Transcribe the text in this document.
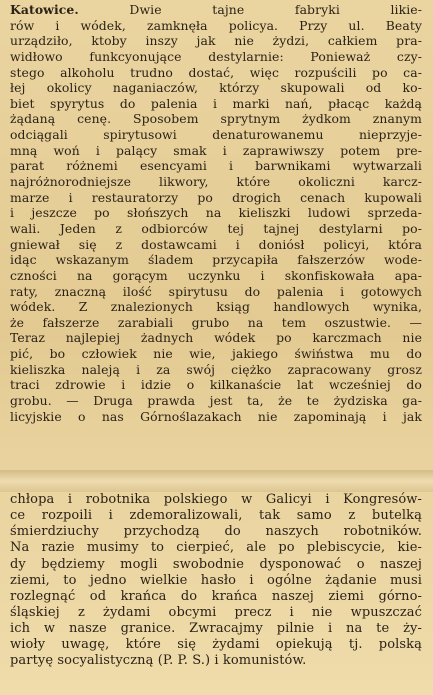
Katowice.	Dwie tajne fabryki likie-
rów i wódek, zamknęła policya. Przy ul. Beaty
urządziło, ktoby inszy jak nie żydzi, całkiem pra-
widłowo funkcyonujące destylarnie: Ponieważ czy-
stego alkoholu trudno dostać, więc rozpuścili po ca-
łej okolicy naganiaczów, którzy skupowali od ko-
biet spyrytus do palenia i marki nań, płacąc każdą
żądaną cenę. Sposobem sprytnym żydkom znanym
odciągali spirytusowi denaturowanemu nieprzyje-
mną woń i palący smak i zaprawiwszy potem pre-
parat różnemi esencyami i barwnikami wytwarzali
najróżnorodniejsze likwory, które okoliczni karcz-
marze i restauratorzy po drogich cenach kupowali
i jeszcze po słońszych na kieliszki ludowi sprzeda-
wali. Jeden z odbiorców tej tajnej destylarni po-
gniewał się z dostawcami i doniósł policyi, która
idąc wskazanym śladem przycapiła fałszerzów wode-
czności na gorącym uczynku i skonfiskowała apa-
raty, znaczną ilość spirytusu do palenia i gotowych
wódek. Z znalezionych ksiąg handlowych wynika,
że fałszerze zarabiali grubo na tem oszustwie. —
Teraz najlepiej żadnych wódek po karczmach nie
pić, bo człowiek nie wie, jakiego świństwa mu do
kieliszka naleją i za swój ciężko zapracowany grosz
traci zdrowie i idzie o kilkanaście lat wcześniej do
grobu. — Druga prawda jest ta, że te żydziska ga-
licyjskie o nas Górnoślazakach nie zapominają i jak
chłopa i robotnika polskiego w Galicyi i Kongresów-
ce rozpoili i zdemoralizowali, tak samo z butelką
śmierdziuchy przychodzą do naszych robotników.
Na razie musimy to cierpieć, ale po plebiscycie, kie-
dy będziemy mogli swobodnie dysponować o naszej
ziemi, to jedno wielkie hasło i ogólne żądanie musi
rozlegnąć od krańca do krańca naszej ziemi górno-
śląskiej z żydami obcymi precz i nie wpuszczać
ich w nasze granice. Zwracajmy pilnie i na te ży-
wioły uwagę, które się żydami opiekują tj. polską
partyę socyalistyczną (P. P. S.) i komunistów.
